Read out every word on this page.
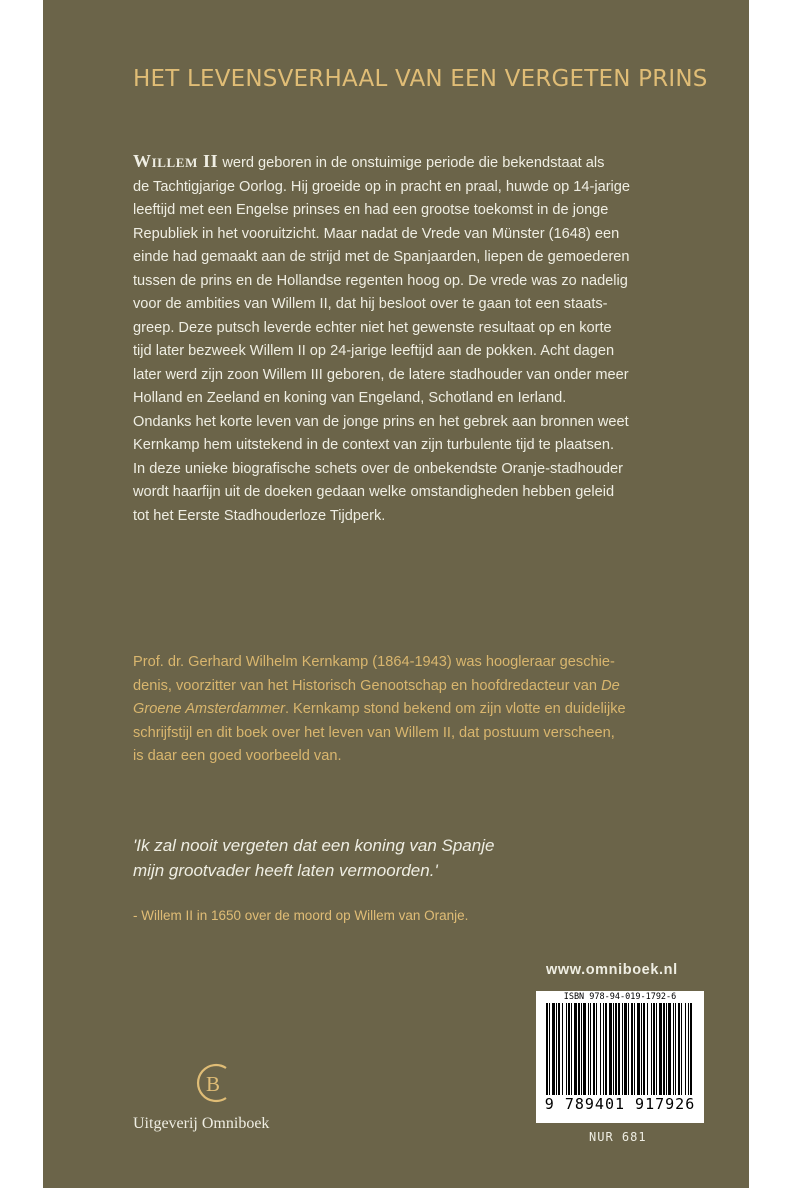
HET LEVENSVERHAAL VAN EEN VERGETEN PRINS
Willem II werd geboren in de onstuimige periode die bekendstaat als
de Tachtigjarige Oorlog. Hij groeide op in pracht en praal, huwde op 14-jarige
leeftijd met een Engelse prinses en had een grootse toekomst in de jonge
Republiek in het vooruitzicht. Maar nadat de Vrede van Münster (1648) een
einde had gemaakt aan de strijd met de Spanjaarden, liepen de gemoederen
tussen de prins en de Hollandse regenten hoog op. De vrede was zo nadelig
voor de ambities van Willem II, dat hij besloot over te gaan tot een staats-
greep. Deze putsch leverde echter niet het gewenste resultaat op en korte
tijd later bezweek Willem II op 24-jarige leeftijd aan de pokken. Acht dagen
later werd zijn zoon Willem III geboren, de latere stadhouder van onder meer
Holland en Zeeland en koning van Engeland, Schotland en Ierland.
Ondanks het korte leven van de jonge prins en het gebrek aan bronnen weet
Kernkamp hem uitstekend in de context van zijn turbulente tijd te plaatsen.
In deze unieke biografische schets over de onbekendste Oranje-stadhouder
wordt haarfijn uit de doeken gedaan welke omstandigheden hebben geleid
tot het Eerste Stadhouderloze Tijdperk.
Prof. dr. Gerhard Wilhelm Kernkamp (1864-1943) was hoogleraar geschie-
denis, voorzitter van het Historisch Genootschap en hoofdredacteur van De
Groene Amsterdammer. Kernkamp stond bekend om zijn vlotte en duidelijke
schrijfstijl en dit boek over het leven van Willem II, dat postuum verscheen,
is daar een goed voorbeeld van.
'Ik zal nooit vergeten dat een koning van Spanje
mijn grootvader heeft laten vermoorden.'
- Willem II in 1650 over de moord op Willem van Oranje.
www.omniboek.nl
ISBN 978-94-019-1792-6
9 789401 917926
NUR 681
B
Uitgeverij Omniboek
